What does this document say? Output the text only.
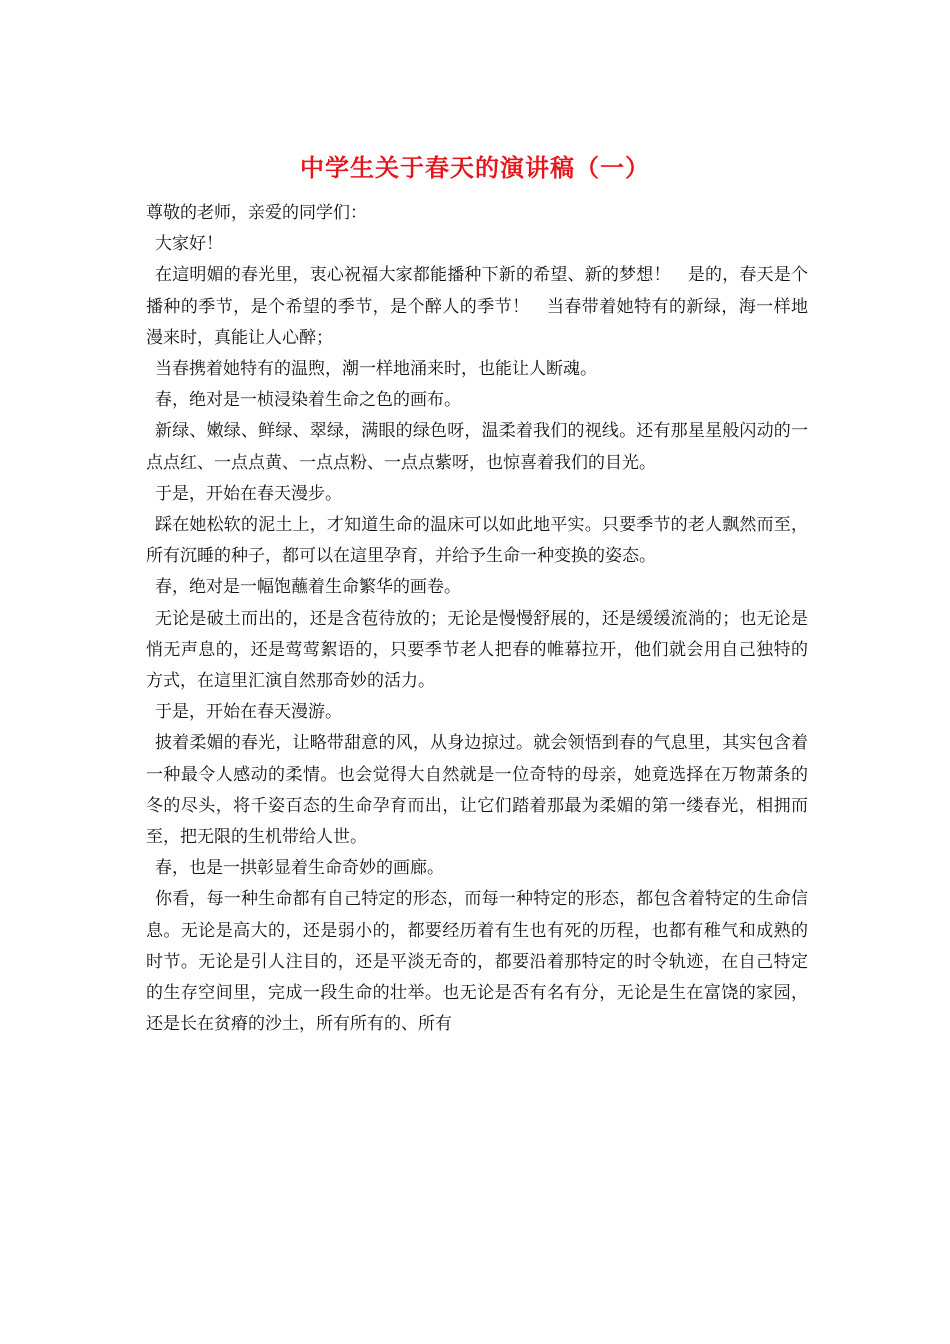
中学生关于春天的演讲稿（一）

尊敬的老师，亲爱的同学们：

大家好！

在這明媚的春光里，衷心祝福大家都能播种下新的希望、新的梦想！　是的，春天是个播种的季节，是个希望的季节，是个醉人的季节！　当春带着她特有的新绿，海一样地漫来时，真能让人心醉；

当春携着她特有的温煦，潮一样地涌来时，也能让人断魂。

春，绝对是一桢浸染着生命之色的画布。

新绿、嫩绿、鲜绿、翠绿，满眼的绿色呀，温柔着我们的视线。还有那星星般闪动的一点点红、一点点黄、一点点粉、一点点紫呀，也惊喜着我们的目光。

于是，开始在春天漫步。

踩在她松软的泥土上，才知道生命的温床可以如此地平实。只要季节的老人飘然而至，所有沉睡的种子，都可以在這里孕育，并给予生命一种变换的姿态。

春，绝对是一幅饱蘸着生命繁华的画卷。

无论是破土而出的，还是含苞待放的；无论是慢慢舒展的，还是缓缓流淌的；也无论是悄无声息的，还是莺莺絮语的，只要季节老人把春的帷幕拉开，他们就会用自己独特的方式，在這里汇演自然那奇妙的活力。

于是，开始在春天漫游。

披着柔媚的春光，让略带甜意的风，从身边掠过。就会领悟到春的气息里，其实包含着一种最令人感动的柔情。也会觉得大自然就是一位奇特的母亲，她竟选择在万物萧条的冬的尽头，将千姿百态的生命孕育而出，让它们踏着那最为柔媚的第一缕春光，相拥而至，把无限的生机带给人世。

春，也是一拱彰显着生命奇妙的画廊。

你看，每一种生命都有自己特定的形态，而每一种特定的形态，都包含着特定的生命信息。无论是高大的，还是弱小的，都要经历着有生也有死的历程，也都有稚气和成熟的时节。无论是引人注目的，还是平淡无奇的，都要沿着那特定的时令轨迹，在自己特定的生存空间里，完成一段生命的壮举。也无论是否有名有分，无论是生在富饶的家园，还是长在贫瘠的沙土，所有所有的、所有
